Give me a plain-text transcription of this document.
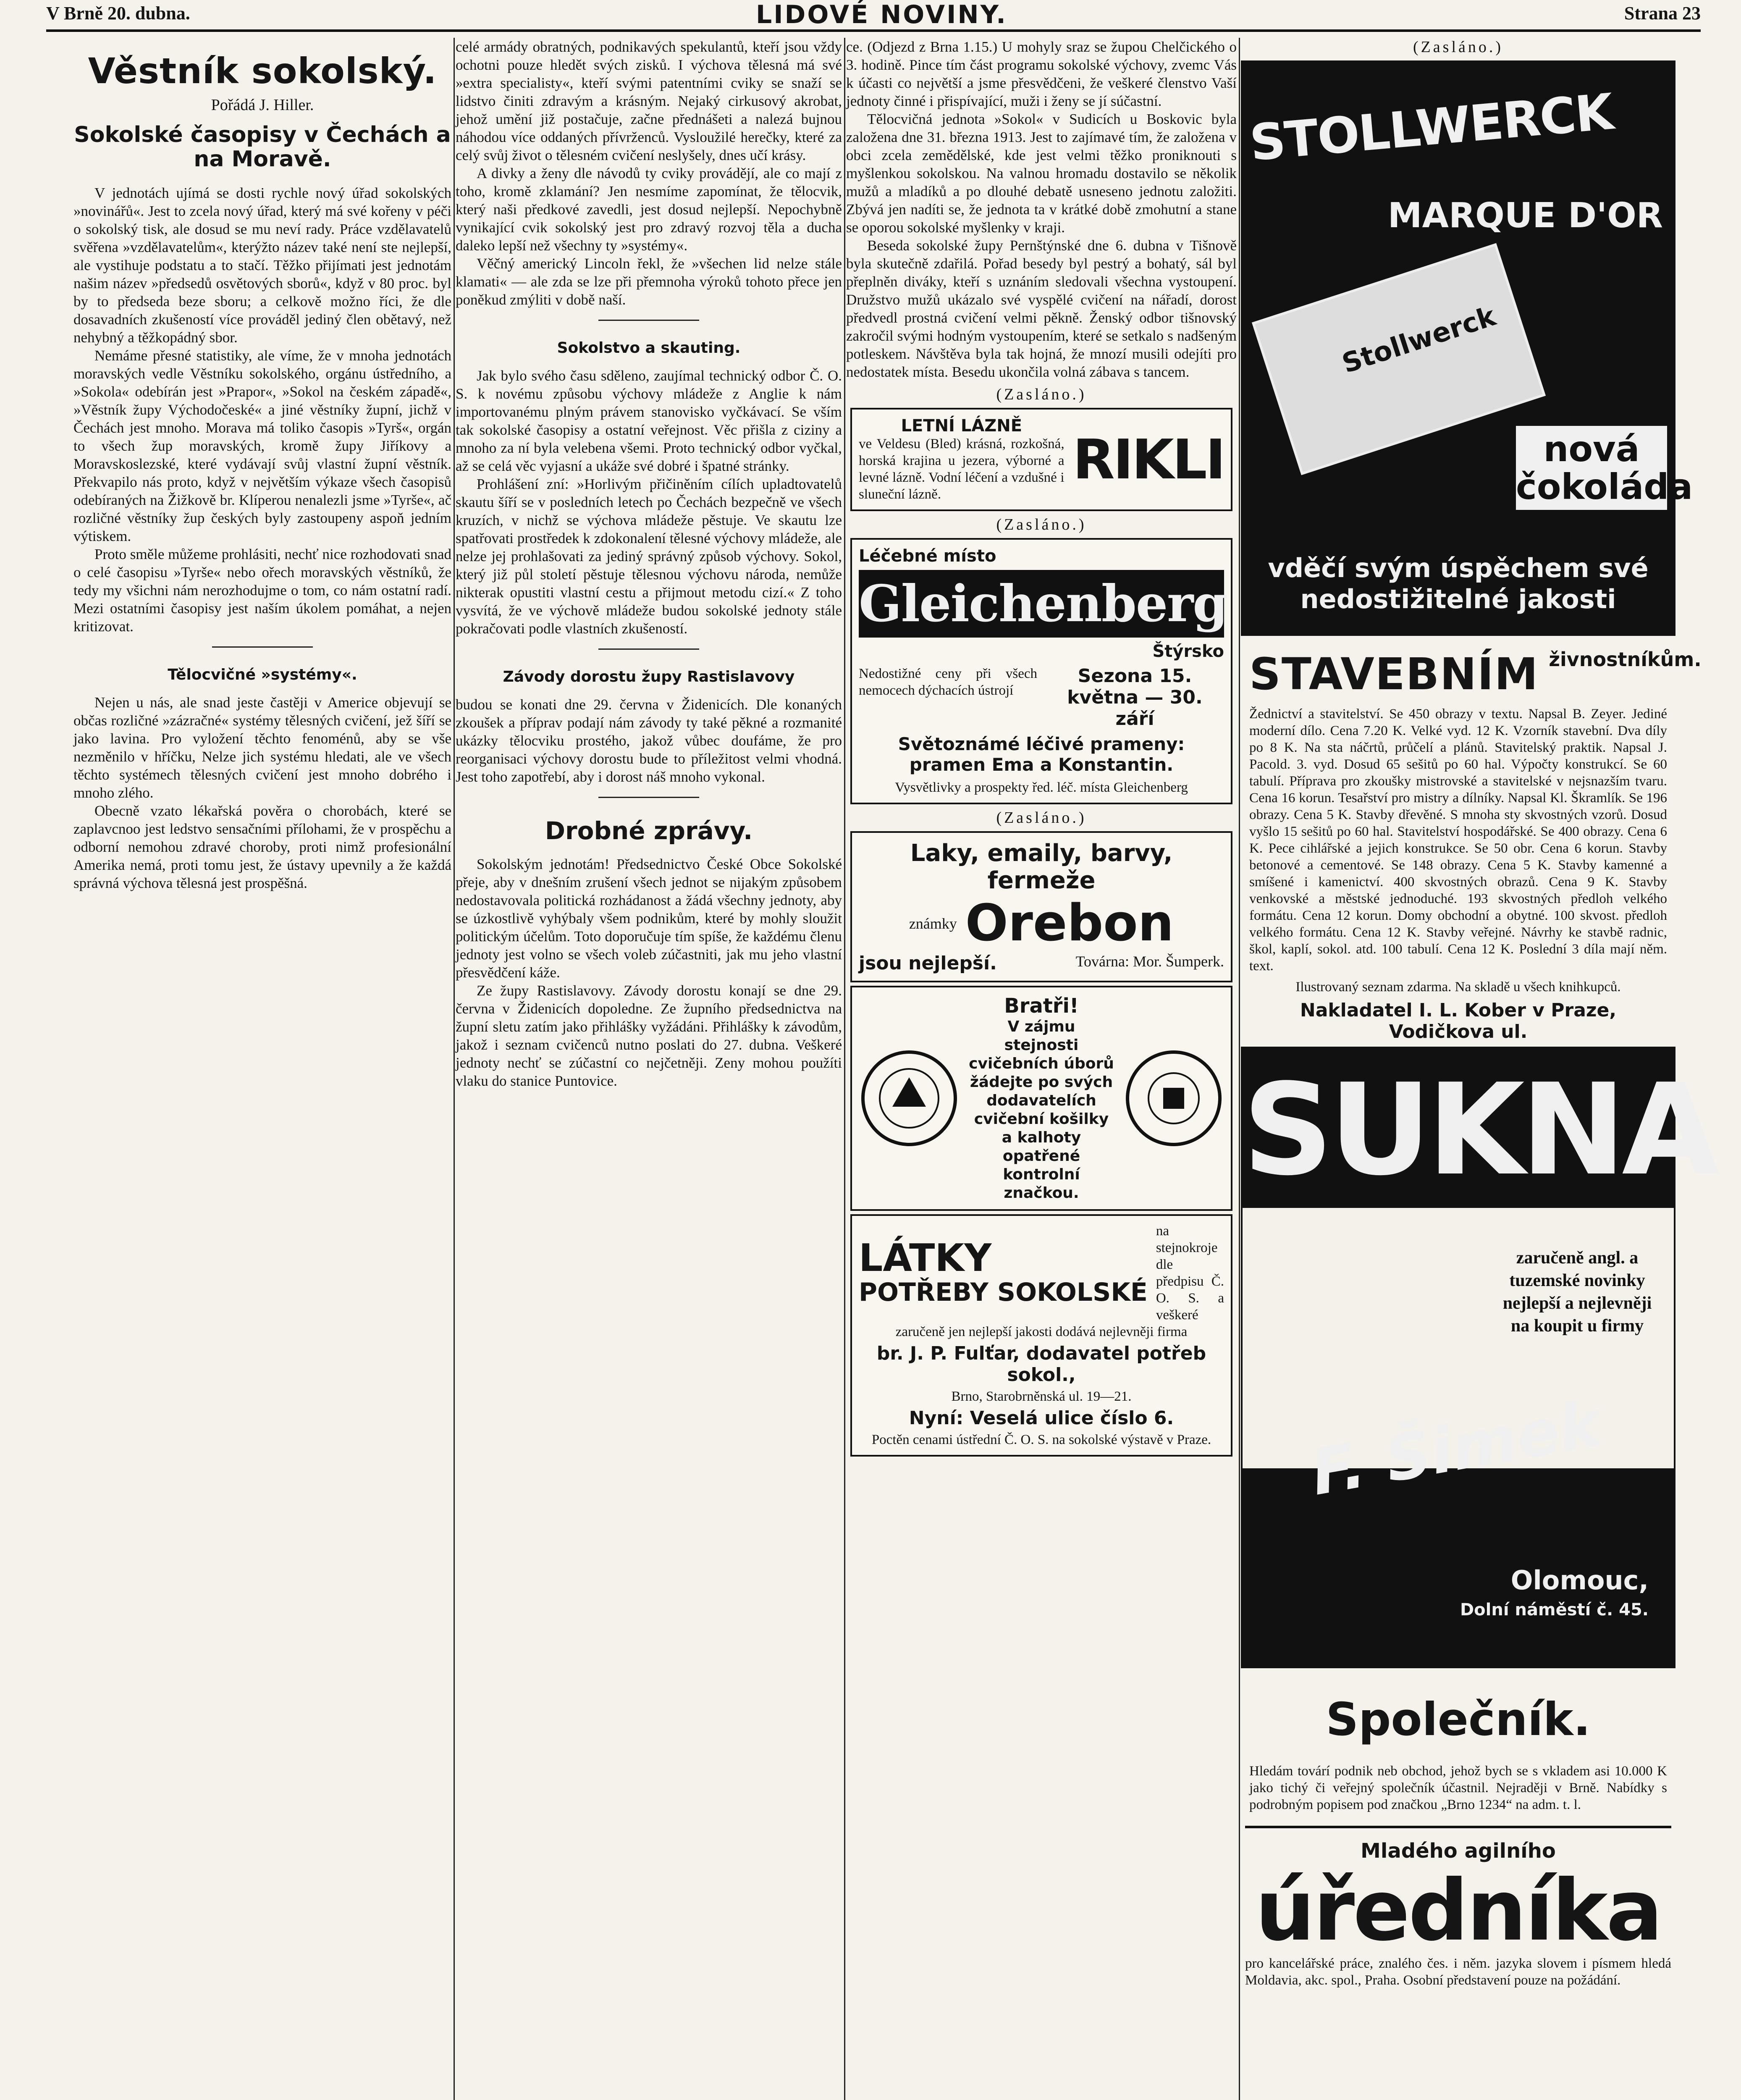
V Brně 20. dubna.	LIDOVÉ NOVINY.	Strana 23
Věstník sokolský.

Pořádá J. Hiller.

Sokolské časopisy v Čechách a na Moravě.

V jednotách ujímá se dosti rychle nový úřad sokolských »novinářů«. Jest to zcela nový úřad, který má své kořeny v péči o sokolský tisk, ale dosud se mu neví rady. Práce vzdělavatelů svěřena »vzdělavatelům«, kterýžto název také není ste nejlepší, ale vystihuje podstatu a to stačí. Těžko přijímati jest jednotám našim název »předsedů osvětových sborů«, když v 80 proc. byl by to předseda beze sboru; a celkově možno říci, že dle dosavadních zkušeností více prováděl jediný člen obětavý, než nehybný a těžkopádný sbor.

Nemáme přesné statistiky, ale víme, že v mnoha jednotách moravských vedle Věstníku sokolského, orgánu ústředního, a »Sokola« odebírán jest »Prapor«, »Sokol na českém západě«, »Věstník župy Východočeské« a jiné věstníky župní, jichž v Čechách jest mnoho. Morava má toliko časopis »Tyrš«, orgán to všech žup moravských, kromě župy Jiříkovy a Moravskoslezské, které vydávají svůj vlastní župní věstník. Překvapilo nás proto, když v největším výkaze všech časopisů odebíraných na Žižkově br. Klíperou nenalezli jsme »Tyrše«, ač rozličné věstníky žup českých byly zastoupeny aspoň jedním výtiskem.

Proto směle můžeme prohlásiti, nechť nice rozhodovati snad o celé časopisu »Tyrše« nebo ořech moravských věstníků, že tedy my všichni nám nerozhodujme o tom, co nám ostatní radí. Mezi ostatními časopisy jest naším úkolem pomáhat, a nejen kritizovat.

Tělocvičné »systémy«.

Nejen u nás, ale snad jeste častěji v Americe objevují se občas rozličné »zázračné« systémy tělesných cvičení, jež šíří se jako lavina. Pro vyložení těchto fenoménů, aby se vše nezměnilo v hříčku, Nelze jich systému hledati, ale ve všech těchto systémech tělesných cvičení jest mnoho dobrého i mnoho zlého.

Obecně vzato lékařská pověra o chorobách, které se zaplavcnoo jest ledstvo sensačními přílohami, že v prospěchu a odborní nemohou zdravé choroby, proti nimž profesionální Amerika nemá, proti tomu jest, že ústavy upevnily a že každá správná výchova tělesná jest prospěšná.

celé armády obratných, podnikavých spekulantů, kteří jsou vždy ochotni pouze hledět svých zisků. I výchova tělesná má své »extra specialisty«, kteří svými patentními cviky se snaží se lidstvo činiti zdravým a krásným. Nejaký cirkusový akrobat, jehož umění již postačuje, začne přednášeti a nalezá bujnou náhodou více oddaných přívrženců. Vysloužilé herečky, které za celý svůj život o tělesném cvičení neslyšely, dnes učí krásy.

A divky a ženy dle návodů ty cviky provádějí, ale co mají z toho, kromě zklamání? Jen nesmíme zapomínat, že tělocvik, který naši předkové zavedli, jest dosud nejlepší. Nepochybně vynikající cvik sokolský jest pro zdravý rozvoj těla a ducha daleko lepší než všechny ty »systémy«.

Věčný americký Lincoln řekl, že »všechen lid nelze stále klamati« — ale zda se lze při přemnoha výroků tohoto přece jen poněkud zmýliti v době naší.

Sokolstvo a skauting.

Jak bylo svého času sděleno, zaujímal technický odbor Č. O. S. k novému způsobu výchovy mládeže z Anglie k nám importovanému plným právem stanovisko vyčkávací. Se vším tak sokolské časopisy a ostatní veřejnost. Věc přišla z ciziny a mnoho za ní byla velebena všemi. Proto technický odbor vyčkal, až se celá věc vyjasní a ukáže své dobré i špatné stránky.

Prohlášení zní: »Horlivým přičiněním cílích upladtovatelů skautu šíří se v posledních letech po Čechách bezpečně ve všech kruzích, v nichž se výchova mládeže pěstuje. Ve skautu lze spatřovati prostředek k zdokonalení tělesné výchovy mládeže, ale nelze jej prohlašovati za jediný správný způsob výchovy. Sokol, který již půl století pěstuje tělesnou výchovu národa, nemůže nikterak opustiti vlastní cestu a přijmout metodu cizí.« Z toho vysvítá, že ve výchově mládeže budou sokolské jednoty stále pokračovati podle vlastních zkušeností.

Závody dorostu župy Rastislavovy

budou se konati dne 29. června v Židenicích. Dle konaných zkoušek a příprav podají nám závody ty také pěkné a rozmanité ukázky tělocviku prostého, jakož vůbec doufáme, že pro reorganisaci výchovy dorostu bude to příležitost velmi vhodná. Jest toho zapotřebí, aby i dorost náš mnoho vykonal.

Drobné zprávy.

Sokolským jednotám! Předsednictvo České Obce Sokolské přeje, aby v dnešním zrušení všech jednot se nijakým způsobem nedostavovala politická rozhádanost a žádá všechny jednoty, aby se úzkostlivě vyhýbaly všem podnikům, které by mohly sloužit politickým účelům. Toto doporučuje tím spíše, že každému členu jednoty jest volno se všech voleb zúčastniti, jak mu jeho vlastní přesvědčení káže.

Ze župy Rastislavovy. Závody dorostu konají se dne 29. června v Židenicích dopoledne. Ze župního předsednictva na župní sletu zatím jako přihlášky vyžádáni. Přihlášky k závodům, jakož i seznam cvičenců nutno poslati do 27. dubna. Veškeré jednoty nechť se zúčastní co nejčetněji. Zeny mohou použíti vlaku do stanice Puntovice.

ce. (Odjezd z Brna 1.15.) U mohyly sraz se župou Chelčického o 3. hodině. Pince tím část programu sokolské výchovy, zvemc Vás k účasti co největší a jsme přesvědčeni, že veškeré členstvo Vaší jednoty činné i přispívající, muži i ženy se jí súčastní.

Tělocvičná jednota »Sokol« v Sudicích u Boskovic byla založena dne 31. března 1913. Jest to zajímavé tím, že založena v obci zcela zemědělské, kde jest velmi těžko proniknouti s myšlenkou sokolskou. Na valnou hromadu dostavilo se několik mužů a mladíků a po dlouhé debatě usneseno jednotu založiti. Zbývá jen nadíti se, že jednota ta v krátké době zmohutní a stane se oporou sokolské myšlenky v kraji.

Beseda sokolské župy Pernštýnské dne 6. dubna v Tišnově byla skutečně zdařilá. Pořad besedy byl pestrý a bohatý, sál byl přeplněn diváky, kteří s uznáním sledovali všechna vystoupení. Družstvo mužů ukázalo své vyspělé cvičení na nářadí, dorost předvedl prostná cvičení velmi pěkně. Ženský odbor tišnovský zakročil svými hodným vystoupením, které se setkalo s nadšeným potleskem. Návštěva byla tak hojná, že mnozí musili odejíti pro nedostatek místa. Besedu ukončila volná zábava s tancem.

(Zasláno.)

LETNÍ LÁZNĚ

ve Veldesu (Bled) krásná, rozkošná, horská krajina u jezera, výborné a levné lázně. Vodní léčení a vzdušné i sluneční lázně.

RIKLI

(Zasláno.)

Léčebné místo
Gleichenberg
Štýrsko

Nedostižné ceny při všech nemocech dýchacích ústrojí

Sezona 15. května — 30. září

Světoznámé léčivé prameny: pramen Ema a Konstantin.

Vysvětlivky a prospekty řed. léč. místa Gleichenberg

(Zasláno.)

Laky, emaily, barvy, fermeže
známky Orebon
jsou nejlepší.	Továrna: Mor. Šumperk.
Bratři!

V zájmu stejnosti cvičebních úborů žádejte po svých dodavatelích cvičební košilky a kalhoty opatřené kontrolní značkou.

LÁTKY
POTŘEBY SOKOLSKÉ

na stejnokroje dle předpisu Č. O. S. a veškeré

zaručeně jen nejlepší jakosti dodává nejlevněji firma

br. J. P. Fulťar, dodavatel potřeb sokol.,

Brno, Starobrněnská ul. 19—21.

Nyní: Veselá ulice číslo 6.

Poctěn cenami ústřední Č. O. S. na sokolské výstavě v Praze.

(Zasláno.)

STOLLWERCK
MARQUE D'OR
Stollwerck
nová čokoláda
vděčí svým úspěchem své nedostižitelné jakosti
STAVEBNÍM živnostníkům.

Žednictví a stavitelství. Se 450 obrazy v textu. Napsal B. Zeyer. Jediné moderní dílo. Cena 7.20 K. Velké vyd. 12 K. Vzorník stavební. Dva díly po 8 K. Na sta náčrtů, průčelí a plánů. Stavitelský praktik. Napsal J. Pacold. 3. vyd. Dosud 65 sešitů po 60 hal. Výpočty konstrukcí. Se 60 tabulí. Příprava pro zkoušky mistrovské a stavitelské v nejsnazším tvaru. Cena 16 korun. Tesařství pro mistry a dílníky. Napsal Kl. Škramlík. Se 196 obrazy. Cena 5 K. Stavby dřevěné. S mnoha sty skvostných vzorů. Dosud vyšlo 15 sešitů po 60 hal. Stavitelství hospodářské. Se 400 obrazy. Cena 6 K. Pece cihlářské a jejich konstrukce. Se 50 obr. Cena 6 korun. Stavby betonové a cementové. Se 148 obrazy. Cena 5 K. Stavby kamenné a smíšené i kamenictví. 400 skvostných obrazů. Cena 9 K. Stavby venkovské a městské jednoduché. 193 skvostných předloh velkého formátu. Cena 12 korun. Domy obchodní a obytné. 100 skvost. předloh velkého formátu. Cena 12 K. Stavby veřejné. Návrhy ke stavbě radnic, škol, kaplí, sokol. atd. 100 tabulí. Cena 12 K. Poslední 3 díla mají něm. text.

Ilustrovaný seznam zdarma. Na skladě u všech knihkupců.

Nakladatel I. L. Kober v Praze, Vodičkova ul.

SUKNA

zaručeně angl. a tuzemské novinky nejlepší a nejlevněji na koupit u firmy

F. Šimek
Olomouc,
Dolní náměstí č. 45.
Společník.

Hledám továrí podnik neb obchod, jehož bych se s vkladem asi 10.000 K jako tichý či veřejný společník účastnil. Nejraději v Brně. Nabídky s podrobným popisem pod značkou „Brno 1234“ na adm. t. l.

Mladého agilního
úředníka

pro kancelářské práce, znalého čes. i něm. jazyka slovem i písmem hledá Moldavia, akc. spol., Praha. Osobní představení pouze na požádání.
